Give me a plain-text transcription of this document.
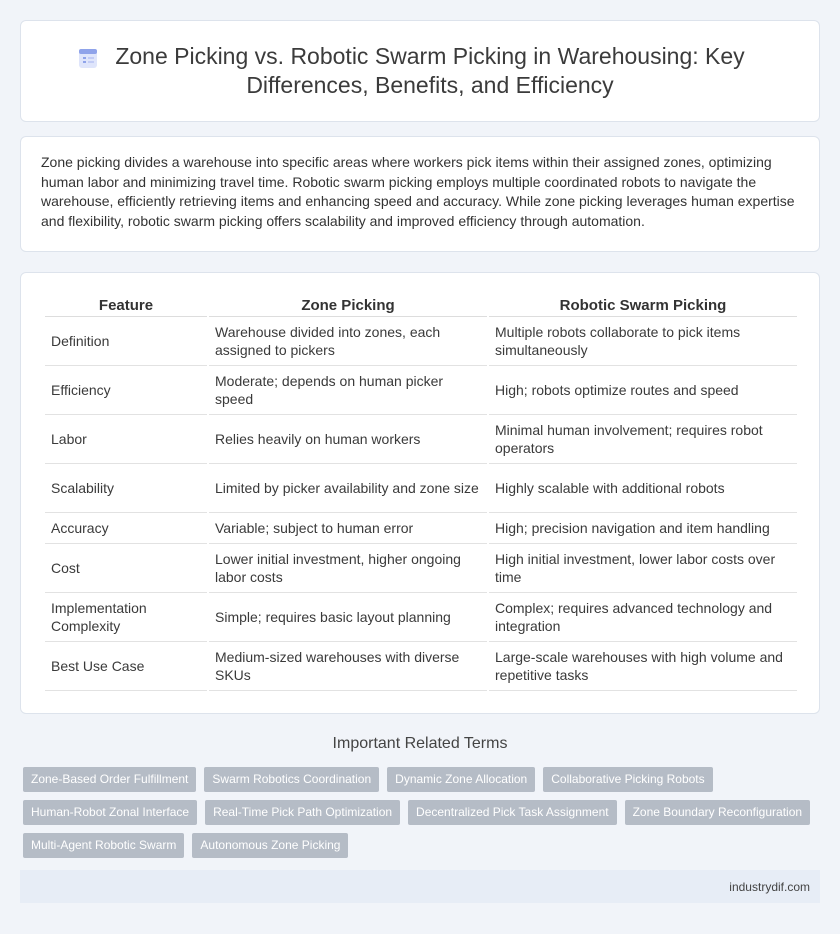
Zone Picking vs. Robotic Swarm Picking in Warehousing: Key Differences, Benefits, and Efficiency

Zone picking divides a warehouse into specific areas where workers pick items within their assigned zones, optimizing human labor and minimizing travel time. Robotic swarm picking employs multiple coordinated robots to navigate the warehouse, efficiently retrieving items and enhancing speed and accuracy. While zone picking leverages human expertise and flexibility, robotic swarm picking offers scalability and improved efficiency through automation.

Feature	Zone Picking	Robotic Swarm Picking
Definition	Warehouse divided into zones, each assigned to pickers	Multiple robots collaborate to pick items simultaneously
Efficiency	Moderate; depends on human picker speed	High; robots optimize routes and speed
Labor	Relies heavily on human workers	Minimal human involvement; requires robot operators
Scalability	Limited by picker availability and zone size	Highly scalable with additional robots
Accuracy	Variable; subject to human error	High; precision navigation and item handling
Cost	Lower initial investment, higher ongoing labor costs	High initial investment, lower labor costs over time
Implementation Complexity	Simple; requires basic layout planning	Complex; requires advanced technology and integration
Best Use Case	Medium-sized warehouses with diverse SKUs	Large-scale warehouses with high volume and repetitive tasks
Important Related Terms
Zone-Based Order Fulfillment	Swarm Robotics Coordination	Dynamic Zone Allocation	Collaborative Picking Robots
Human-Robot Zonal Interface	Real-Time Pick Path Optimization	Decentralized Pick Task Assignment	Zone Boundary Reconfiguration
Multi-Agent Robotic Swarm	Autonomous Zone Picking
industrydif.com
